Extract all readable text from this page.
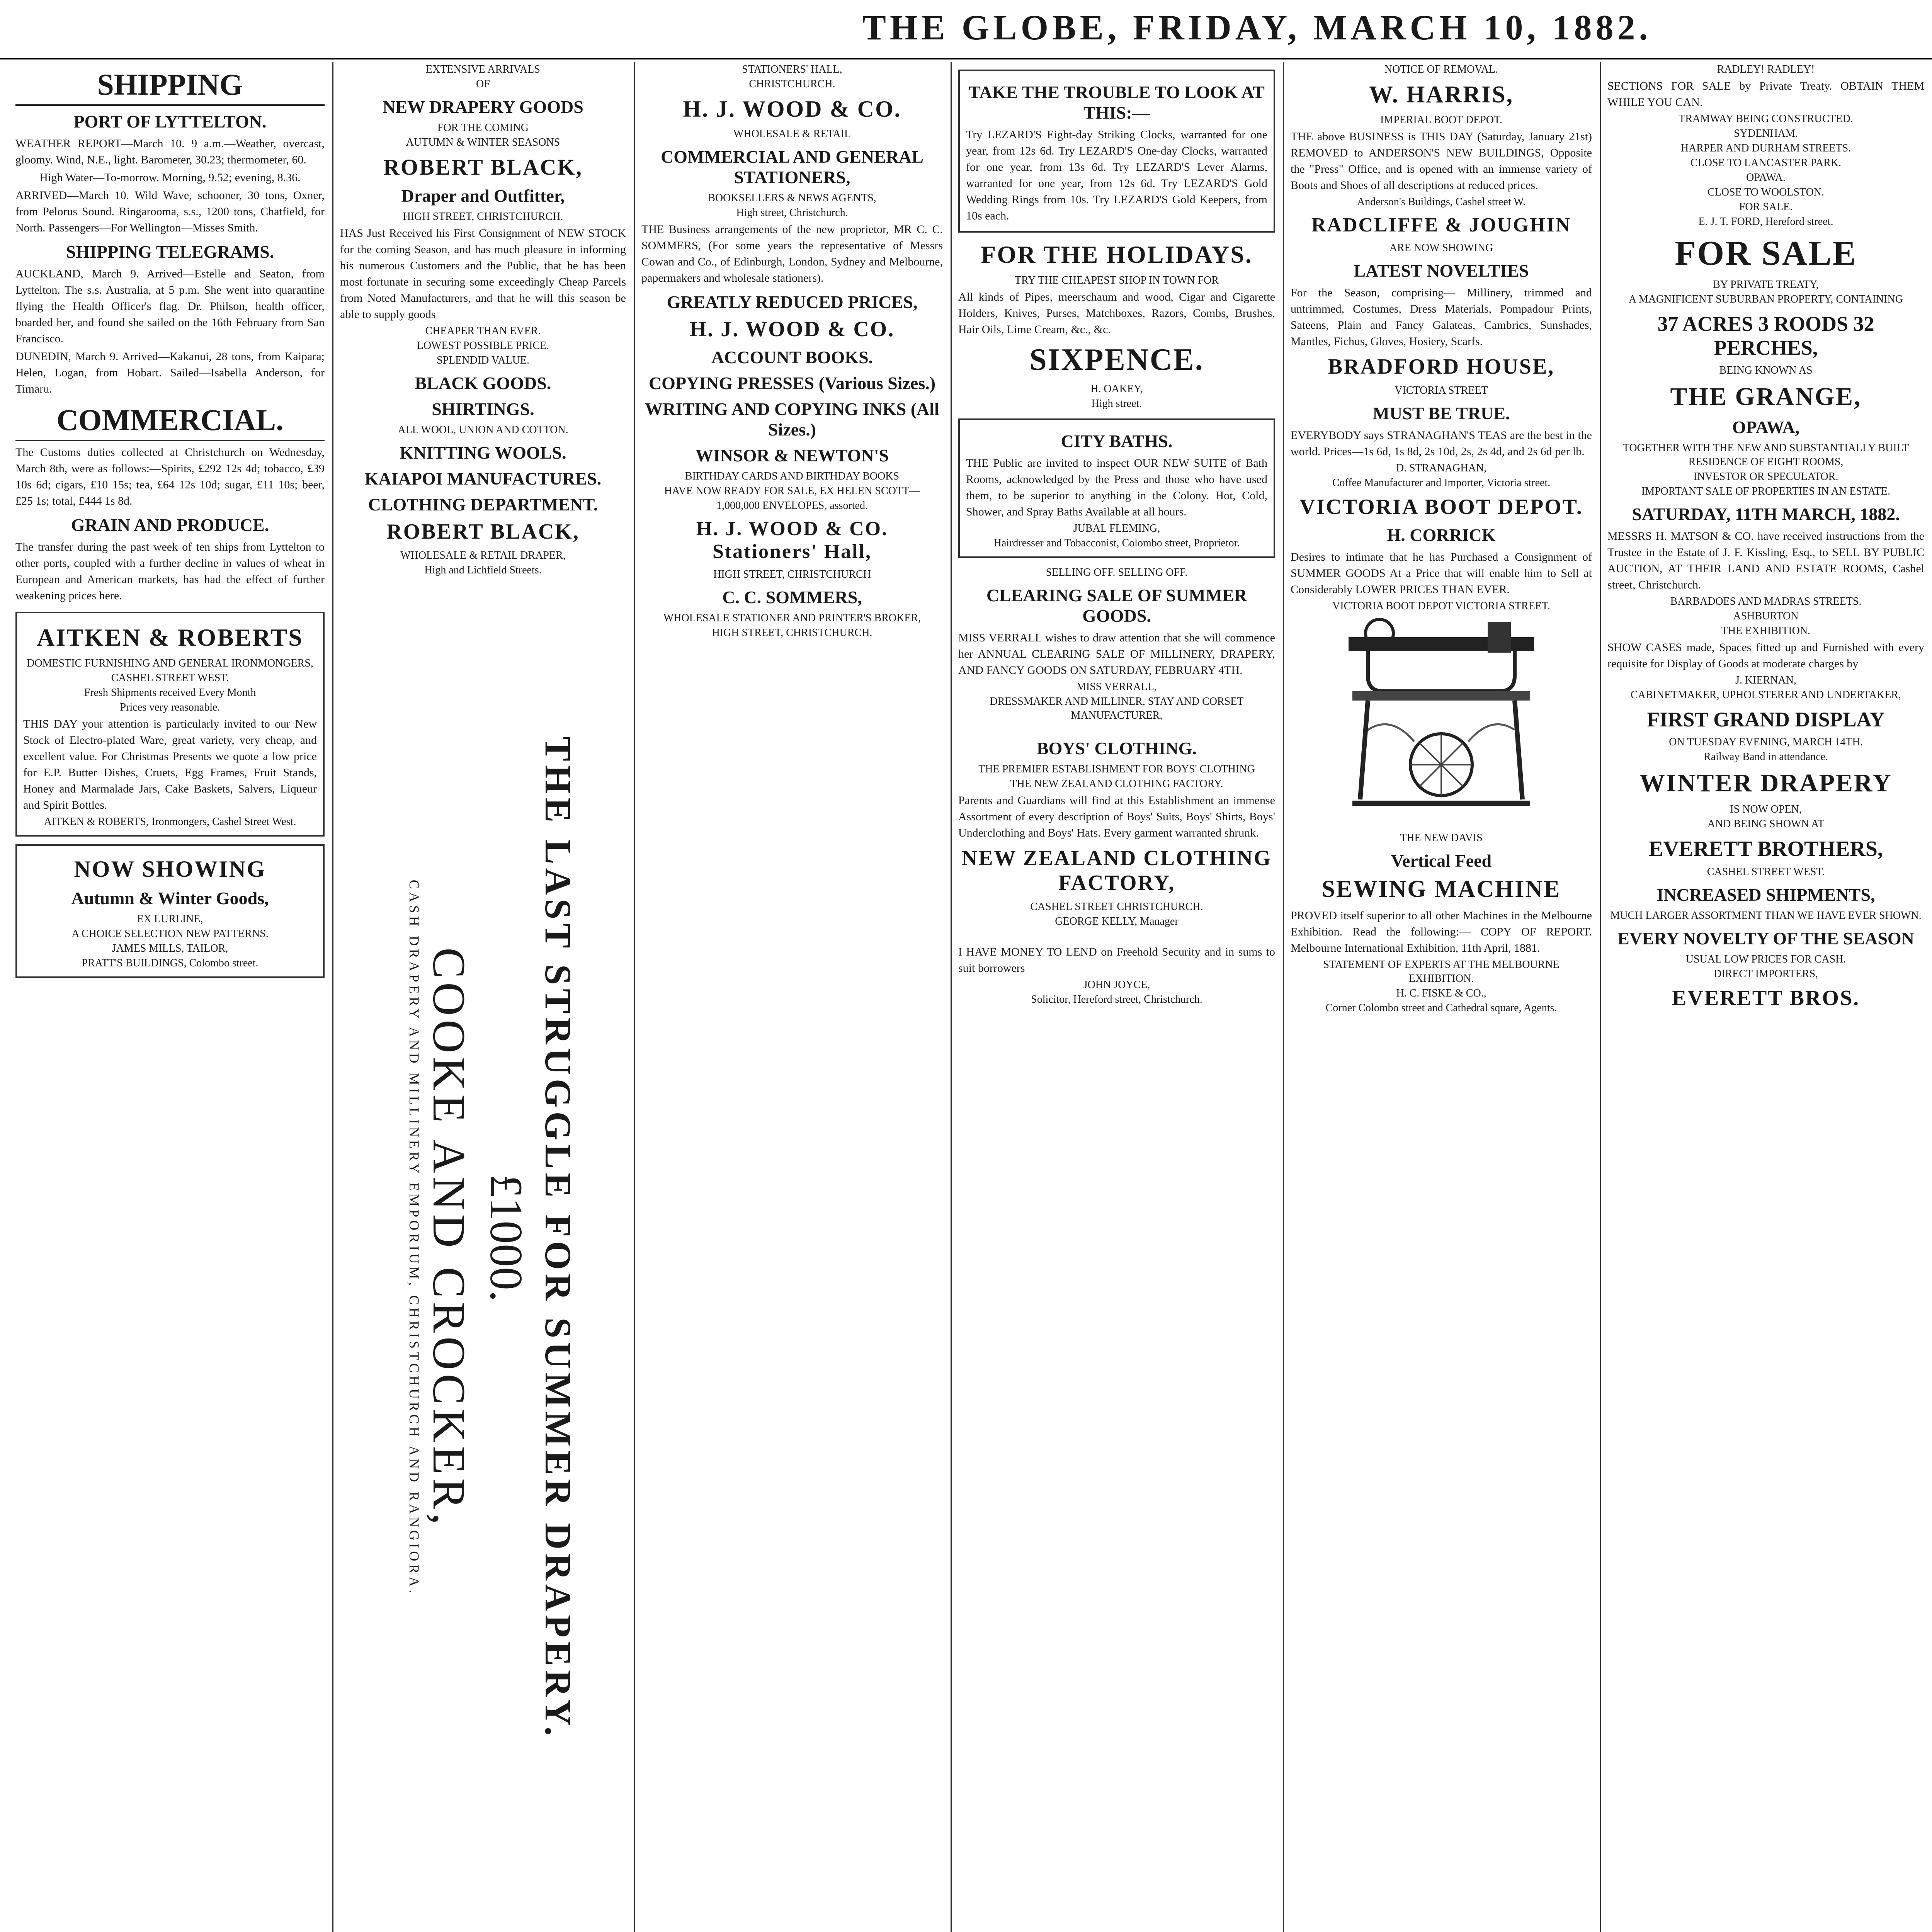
THE GLOBE, FRIDAY, MARCH 10, 1882.
SHIPPING
PORT OF LYTTELTON.
WEATHER REPORT—March 10. 9 a.m.—Weather, overcast, gloomy. Wind, N.E., light. Barometer, 30.23; thermometer, 60.
High Water—To-morrow. Morning, 9.52; evening, 8.36.
ARRIVED—March 10. Wild Wave, schooner, 30 tons, Oxner, from Pelorus Sound. Ringarooma, s.s., 1200 tons, Chatfield, for North. Passengers—For Wellington—Misses Smith.
SHIPPING TELEGRAMS.
AUCKLAND, March 9. Arrived—Estelle and Seaton, from Lyttelton. The s.s. Australia, at 5 p.m. She went into quarantine flying the Health Officer's flag. Dr. Philson, health officer, boarded her, and found she sailed on the 16th February from San Francisco.
DUNEDIN, March 9. Arrived—Kakanui, 28 tons, from Kaipara; Helen, Logan, from Hobart. Sailed—Isabella Anderson, for Timaru.
COMMERCIAL.
The Customs duties collected at Christchurch on Wednesday, March 8th, were as follows:—Spirits, £292 12s 4d; tobacco, £39 10s 6d; cigars, £10 15s; tea, £64 12s 10d; sugar, £11 10s; beer, £25 1s; total, £444 1s 8d.
GRAIN AND PRODUCE.
The transfer during the past week of ten ships from Lyttelton to other ports, coupled with a further decline in values of wheat in European and American markets, has had the effect of further weakening prices here.
AITKEN & ROBERTS
DOMESTIC FURNISHING AND GENERAL IRONMONGERS,
CASHEL STREET WEST.
Fresh Shipments received Every Month
Prices very reasonable.
THIS DAY your attention is particularly invited to our New Stock of Electro-plated Ware, great variety, very cheap, and excellent value. For Christmas Presents we quote a low price for E.P. Butter Dishes, Cruets, Egg Frames, Fruit Stands, Honey and Marmalade Jars, Cake Baskets, Salvers, Liqueur and Spirit Bottles.
AITKEN & ROBERTS, Ironmongers, Cashel Street West.
NOW SHOWING
Autumn & Winter Goods,
EX LURLINE,
A CHOICE SELECTION NEW PATTERNS.
JAMES MILLS, TAILOR,
PRATT'S BUILDINGS, Colombo street.
EXTENSIVE ARRIVALS
OF
NEW DRAPERY GOODS
FOR THE COMING
AUTUMN & WINTER SEASONS
ROBERT BLACK,
Draper and Outfitter,
HIGH STREET, CHRISTCHURCH.
HAS Just Received his First Consignment of NEW STOCK for the coming Season, and has much pleasure in informing his numerous Customers and the Public, that he has been most fortunate in securing some exceedingly Cheap Parcels from Noted Manufacturers, and that he will this season be able to supply goods
CHEAPER THAN EVER.
LOWEST POSSIBLE PRICE.
SPLENDID VALUE.
BLACK GOODS.
SHIRTINGS.
ALL WOOL, UNION AND COTTON.
KNITTING WOOLS.
KAIAPOI MANUFACTURES.
CLOTHING DEPARTMENT.
ROBERT BLACK,
WHOLESALE & RETAIL DRAPER,
High and Lichfield Streets.
THE LAST STRUGGLE FOR SUMMER DRAPERY.
£1000.
COOKE AND CROCKER,
CASH DRAPERY AND MILLINERY EMPORIUM, CHRISTCHURCH AND RANGIORA.
STATIONERS' HALL,
CHRISTCHURCH.
H. J. WOOD & CO.
WHOLESALE & RETAIL
COMMERCIAL AND GENERAL STATIONERS,
BOOKSELLERS & NEWS AGENTS,
High street, Christchurch.
THE Business arrangements of the new proprietor, MR C. C. SOMMERS, (For some years the representative of Messrs Cowan and Co., of Edinburgh, London, Sydney and Melbourne, papermakers and wholesale stationers).
GREATLY REDUCED PRICES,
H. J. WOOD & CO.
ACCOUNT BOOKS.
COPYING PRESSES (Various Sizes.)
WRITING AND COPYING INKS (All Sizes.)
WINSOR & NEWTON'S
BIRTHDAY CARDS AND BIRTHDAY BOOKS
HAVE NOW READY FOR SALE, EX HELEN SCOTT—
1,000,000 ENVELOPES, assorted.
H. J. WOOD & CO. Stationers' Hall,
HIGH STREET, CHRISTCHURCH
C. C. SOMMERS,
WHOLESALE STATIONER AND PRINTER'S BROKER,
HIGH STREET, CHRISTCHURCH.
TAKE THE TROUBLE TO LOOK AT THIS:—
Try LEZARD'S Eight-day Striking Clocks, warranted for one year, from 12s 6d. Try LEZARD'S One-day Clocks, warranted for one year, from 13s 6d. Try LEZARD'S Lever Alarms, warranted for one year, from 12s 6d. Try LEZARD'S Gold Wedding Rings from 10s. Try LEZARD'S Gold Keepers, from 10s each.
FOR THE HOLIDAYS.
TRY THE CHEAPEST SHOP IN TOWN FOR
All kinds of Pipes, meerschaum and wood, Cigar and Cigarette Holders, Knives, Purses, Matchboxes, Razors, Combs, Brushes, Hair Oils, Lime Cream, &c., &c.
SIXPENCE.
H. OAKEY,
High street.
CITY BATHS.
THE Public are invited to inspect OUR NEW SUITE of Bath Rooms, acknowledged by the Press and those who have used them, to be superior to anything in the Colony. Hot, Cold, Shower, and Spray Baths Available at all hours.
JUBAL FLEMING,
Hairdresser and Tobacconist, Colombo street, Proprietor.
SELLING OFF. SELLING OFF.
CLEARING SALE OF SUMMER GOODS.
MISS VERRALL wishes to draw attention that she will commence her ANNUAL CLEARING SALE OF MILLINERY, DRAPERY, AND FANCY GOODS ON SATURDAY, FEBRUARY 4TH.
MISS VERRALL,
DRESSMAKER AND MILLINER, STAY AND CORSET MANUFACTURER,
BOYS' CLOTHING.
THE PREMIER ESTABLISHMENT FOR BOYS' CLOTHING
THE NEW ZEALAND CLOTHING FACTORY.
Parents and Guardians will find at this Establishment an immense Assortment of every description of Boys' Suits, Boys' Shirts, Boys' Underclothing and Boys' Hats. Every garment warranted shrunk.
NEW ZEALAND CLOTHING FACTORY,
CASHEL STREET CHRISTCHURCH.
GEORGE KELLY, Manager
I HAVE MONEY TO LEND on Freehold Security and in sums to suit borrowers
JOHN JOYCE,
Solicitor, Hereford street, Christchurch.
NOTICE OF REMOVAL.
W. HARRIS,
IMPERIAL BOOT DEPOT.
THE above BUSINESS is THIS DAY (Saturday, January 21st) REMOVED to ANDERSON'S NEW BUILDINGS, Opposite the "Press" Office, and is opened with an immense variety of Boots and Shoes of all descriptions at reduced prices.
Anderson's Buildings, Cashel street W.
RADCLIFFE & JOUGHIN
ARE NOW SHOWING
LATEST NOVELTIES
For the Season, comprising— Millinery, trimmed and untrimmed, Costumes, Dress Materials, Pompadour Prints, Sateens, Plain and Fancy Galateas, Cambrics, Sunshades, Mantles, Fichus, Gloves, Hosiery, Scarfs.
BRADFORD HOUSE,
VICTORIA STREET
MUST BE TRUE.
EVERYBODY says STRANAGHAN'S TEAS are the best in the world. Prices—1s 6d, 1s 8d, 2s 10d, 2s, 2s 4d, and 2s 6d per lb.
D. STRANAGHAN,
Coffee Manufacturer and Importer, Victoria street.
VICTORIA BOOT DEPOT.
H. CORRICK
Desires to intimate that he has Purchased a Consignment of SUMMER GOODS At a Price that will enable him to Sell at Considerably LOWER PRICES THAN EVER.
VICTORIA BOOT DEPOT VICTORIA STREET.
THE NEW DAVIS
Vertical Feed
SEWING MACHINE
PROVED itself superior to all other Machines in the Melbourne Exhibition. Read the following:— COPY OF REPORT. Melbourne International Exhibition, 11th April, 1881.
STATEMENT OF EXPERTS AT THE MELBOURNE EXHIBITION.
H. C. FISKE & CO.,
Corner Colombo street and Cathedral square, Agents.
RADLEY! RADLEY!
SECTIONS FOR SALE by Private Treaty. OBTAIN THEM WHILE YOU CAN.
TRAMWAY BEING CONSTRUCTED.
SYDENHAM.
HARPER AND DURHAM STREETS.
CLOSE TO LANCASTER PARK.
OPAWA.
CLOSE TO WOOLSTON.
FOR SALE.
E. J. T. FORD, Hereford street.
FOR SALE
BY PRIVATE TREATY,
A MAGNIFICENT SUBURBAN PROPERTY, CONTAINING
37 ACRES 3 ROODS 32 PERCHES,
BEING KNOWN AS
THE GRANGE,
OPAWA,
TOGETHER WITH THE NEW AND SUBSTANTIALLY BUILT RESIDENCE OF EIGHT ROOMS,
INVESTOR OR SPECULATOR.
IMPORTANT SALE OF PROPERTIES IN AN ESTATE.
SATURDAY, 11TH MARCH, 1882.
MESSRS H. MATSON & CO. have received instructions from the Trustee in the Estate of J. F. Kissling, Esq., to SELL BY PUBLIC AUCTION, AT THEIR LAND AND ESTATE ROOMS, Cashel street, Christchurch.
BARBADOES AND MADRAS STREETS.
ASHBURTON
THE EXHIBITION.
SHOW CASES made, Spaces fitted up and Furnished with every requisite for Display of Goods at moderate charges by
J. KIERNAN,
CABINETMAKER, UPHOLSTERER AND UNDERTAKER,
FIRST GRAND DISPLAY
ON TUESDAY EVENING, MARCH 14TH.
Railway Band in attendance.
WINTER DRAPERY
IS NOW OPEN,
AND BEING SHOWN AT
EVERETT BROTHERS,
CASHEL STREET WEST.
INCREASED SHIPMENTS,
MUCH LARGER ASSORTMENT THAN WE HAVE EVER SHOWN.
EVERY NOVELTY OF THE SEASON
USUAL LOW PRICES FOR CASH.
DIRECT IMPORTERS,
EVERETT BROS.
